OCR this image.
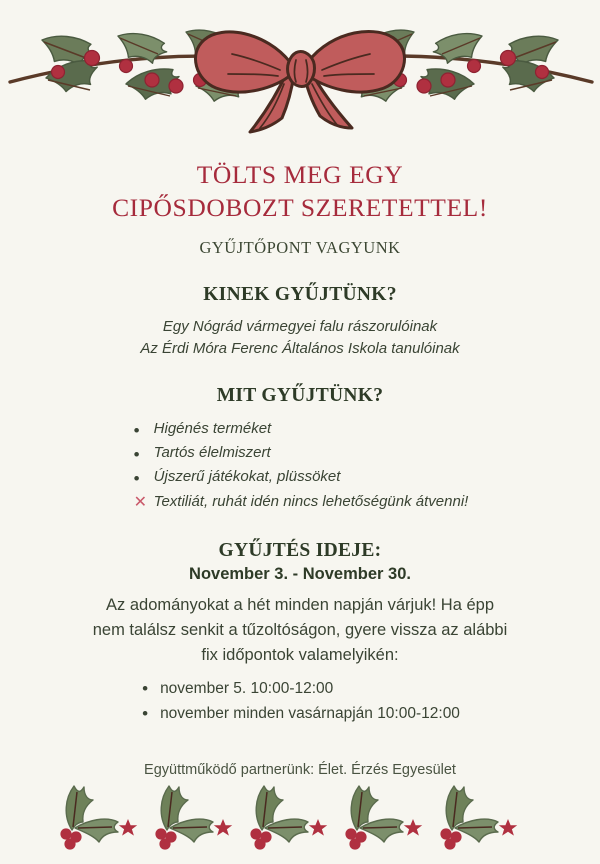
TÖLTS MEG EGY
CIPŐSDOBOZT SZERETETTEL!
GYŰJTŐPONT VAGYUNK
KINEK GYŰJTÜNK?
Egy Nógrád vármegyei falu rászorulóinak
Az Érdi Móra Ferenc Általános Iskola tanulóinak
MIT GYŰJTÜNK?
•
Higénés terméket
•
Tartós élelmiszert
•
Újszerű játékokat, plüssöket
✕ Textiliát, ruhát idén nincs lehetőségünk átvenni!
GYŰJTÉS IDEJE:
November 3. - November 30.
Az adományokat a hét minden napján várjuk! Ha épp
nem találsz senkit a tűzoltóságon, gyere vissza az alábbi
fix időpontok valamelyikén:
• november 5. 10:00-12:00
• november minden vasárnapján 10:00-12:00
Együttműködő partnerünk: Élet. Érzés Egyesület
